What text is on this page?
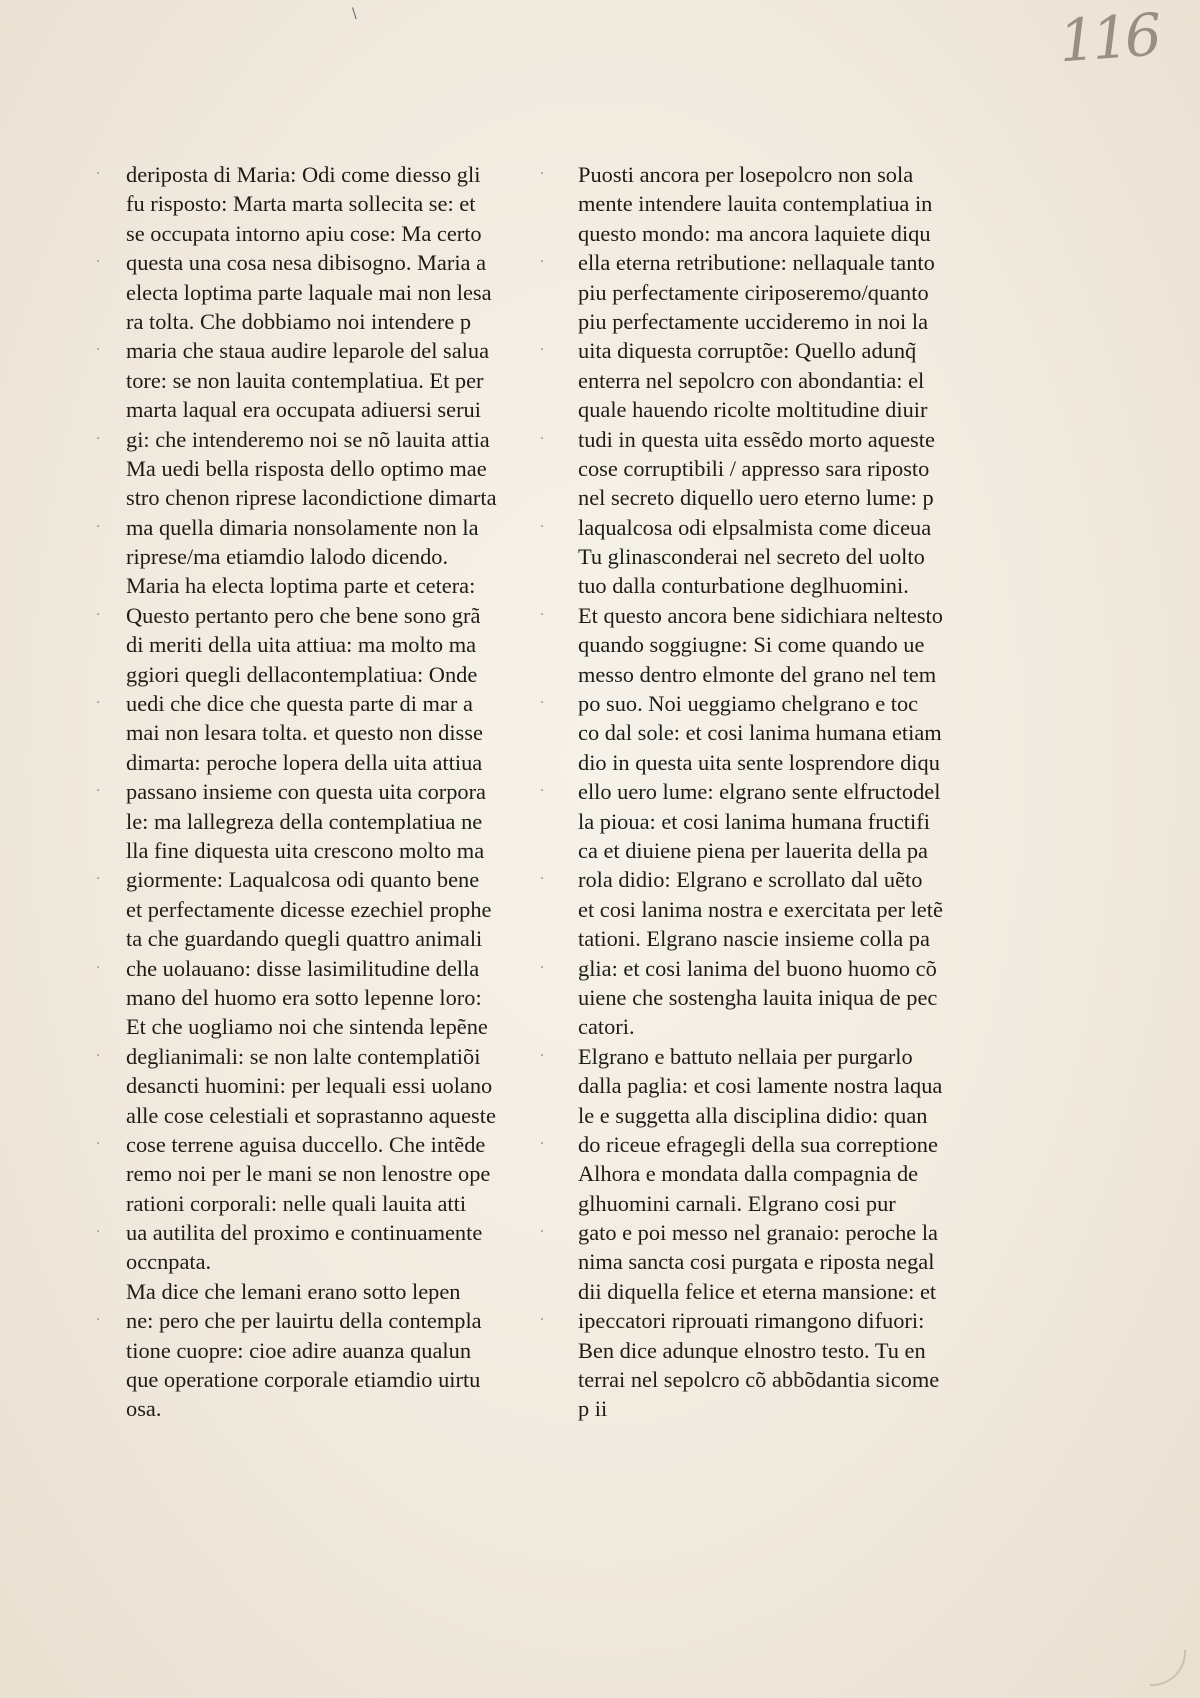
\	116
·
·
·
·
·
·
·
·
·
·
·
·
·
·
·
·
·
·
·
·
·
·
·
·
·
·
·
·
deriposta di Maria: Odi come diesso gli
fu risposto: Marta marta sollecita se: et
se occupata intorno apiu cose: Ma certo
questa una cosa nesa dibisogno. Maria a
electa loptima parte laquale mai non lesa
ra tolta. Che dobbiamo noi intendere p
maria che staua audire leparole del salua
tore: se non lauita contemplatiua. Et per
marta laqual era occupata adiuersi serui
gi: che intenderemo noi se nõ lauita attia
Ma uedi bella risposta dello optimo mae
stro chenon riprese lacondictione dimarta
ma quella dimaria nonsolamente non la
riprese/ma etiamdio lalodo dicendo.
Maria ha electa loptima parte et cetera:
Questo pertanto pero che bene sono grã
di meriti della uita attiua: ma molto ma
ggiori quegli dellacontemplatiua: Onde
uedi che dice che questa parte di mar a
mai non lesara tolta. et questo non disse
dimarta: peroche lopera della uita attiua
passano insieme con questa uita corpora
le: ma lallegreza della contemplatiua ne
lla fine diquesta uita crescono molto ma
giormente: Laqualcosa odi quanto bene
et perfectamente dicesse ezechiel prophe
ta che guardando quegli quattro animali
che uolauano: disse lasimilitudine della
mano del huomo era sotto lepenne loro:
Et che uogliamo noi che sintenda lepẽne
deglianimali: se non lalte contemplatiõi
desancti huomini: per lequali essi uolano
alle cose celestiali et soprastanno aqueste
cose terrene aguisa duccello. Che intẽde
remo noi per le mani se non lenostre ope
rationi corporali: nelle quali lauita atti
ua autilita del proximo e continuamente
occnpata.
Ma dice che lemani erano sotto lepen
ne: pero che per lauirtu della contempla
tione cuopre: cioe adire auanza qualun
que operatione corporale etiamdio uirtu
osa.
Puosti ancora per losepolcro non sola
mente intendere lauita contemplatiua in
questo mondo: ma ancora laquiete diqu
ella eterna retributione: nellaquale tanto
piu perfectamente ciriposeremo/quanto
piu perfectamente uccideremo in noi la
uita diquesta corruptõe: Quello adunq̃
enterra nel sepolcro con abondantia: el
quale hauendo ricolte moltitudine diuir
tudi in questa uita essẽdo morto aqueste
cose corruptibili / appresso sara riposto
nel secreto diquello uero eterno lume: p
laqualcosa odi elpsalmista come diceua
Tu glinasconderai nel secreto del uolto
tuo dalla conturbatione deglhuomini.
Et questo ancora bene sidichiara neltesto
quando soggiugne: Si come quando ue
messo dentro elmonte del grano nel tem
po suo. Noi ueggiamo chelgrano e toc
co dal sole: et cosi lanima humana etiam
dio in questa uita sente losprendore diqu
ello uero lume: elgrano sente elfructodel
la pioua: et cosi lanima humana fructifi
ca et diuiene piena per lauerita della pa
rola didio: Elgrano e scrollato dal uẽto
et cosi lanima nostra e exercitata per letẽ
tationi. Elgrano nascie insieme colla pa
glia: et cosi lanima del buono huomo cõ
uiene che sostengha lauita iniqua de pec
catori.
Elgrano e battuto nellaia per purgarlo
dalla paglia: et cosi lamente nostra laqua
le e suggetta alla disciplina didio: quan
do riceue efragegli della sua correptione
Alhora e mondata dalla compagnia de
glhuomini carnali. Elgrano cosi pur
gato e poi messo nel granaio: peroche la
nima sancta cosi purgata e riposta negal
dii diquella felice et eterna mansione: et
ipeccatori riprouati rimangono difuori:
Ben dice adunque elnostro testo. Tu en
terrai nel sepolcro cõ abbõdantia sicome
p ii
